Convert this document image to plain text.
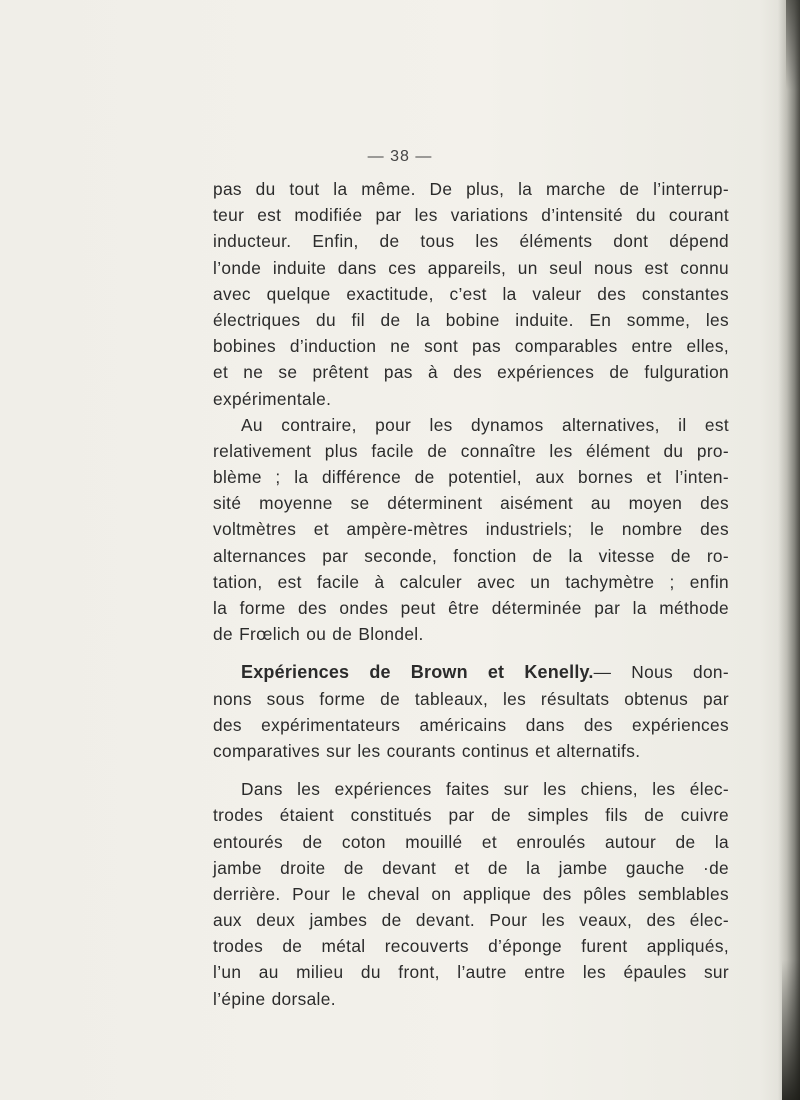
— 38 —
pas du tout la même. De plus, la marche de l’interrup-
teur est modifiée par les variations d’intensité du courant
inducteur. Enfin, de tous les éléments dont dépend
l’onde induite dans ces appareils, un seul nous est connu
avec quelque exactitude, c’est la valeur des constantes
électriques du fil de la bobine induite. En somme, les
bobines d’induction ne sont pas comparables entre elles,
et ne se prêtent pas à des expériences de fulguration
expérimentale.
Au contraire, pour les dynamos alternatives, il est
relativement plus facile de connaître les élément du pro-
blème ; la différence de potentiel, aux bornes et l’inten-
sité moyenne se déterminent aisément au moyen des
voltmètres et ampère-mètres industriels; le nombre des
alternances par seconde, fonction de la vitesse de ro-
tation, est facile à calculer avec un tachymètre ; enfin
la forme des ondes peut être déterminée par la méthode
de Frœlich ou de Blondel.
Expériences de Brown et Kenelly.— Nous don-
nons sous forme de tableaux, les résultats obtenus par
des expérimentateurs américains dans des expériences
comparatives sur les courants continus et alternatifs.
Dans les expériences faites sur les chiens, les élec-
trodes étaient constitués par de simples fils de cuivre
entourés de coton mouillé et enroulés autour de la
jambe droite de devant et de la jambe gauche ·de
derrière. Pour le cheval on applique des pôles semblables
aux deux jambes de devant. Pour les veaux, des élec-
trodes de métal recouverts d’éponge furent appliqués,
l’un au milieu du front, l’autre entre les épaules sur
l’épine dorsale.
